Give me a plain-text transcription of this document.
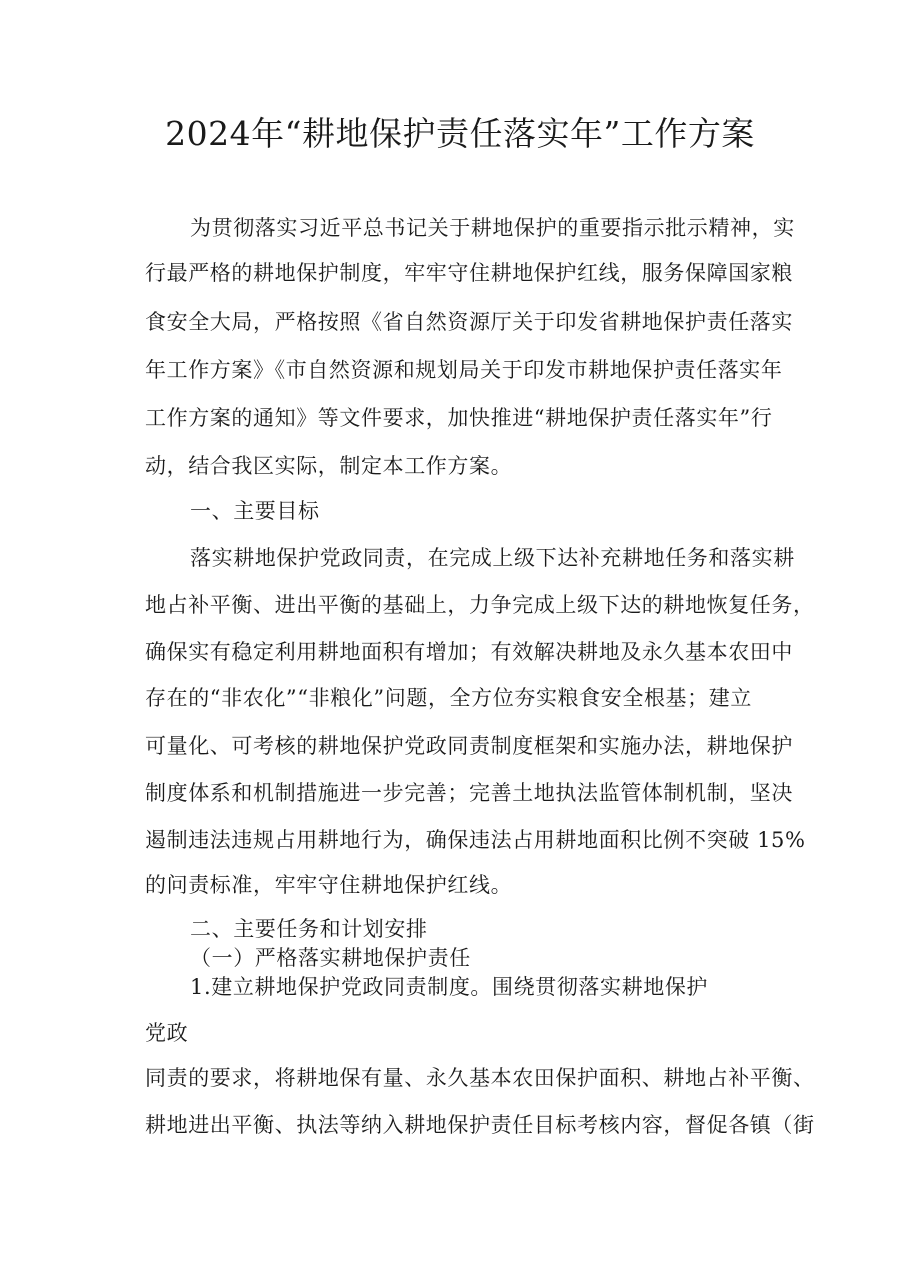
2024年“耕地保护责任落实年”工作方案
为贯彻落实习近平总书记关于耕地保护的重要指示批示精神，实
行最严格的耕地保护制度，牢牢守住耕地保护红线，服务保障国家粮
食安全大局，严格按照《省自然资源厅关于印发省耕地保护责任落实
年工作方案》《市自然资源和规划局关于印发市耕地保护责任落实年
工作方案的通知》等文件要求，加快推进“耕地保护责任落实年”行
动，结合我区实际，制定本工作方案。
一、主要目标
落实耕地保护党政同责，在完成上级下达补充耕地任务和落实耕
地占补平衡、进出平衡的基础上，力争完成上级下达的耕地恢复任务，
确保实有稳定利用耕地面积有增加；有效解决耕地及永久基本农田中
存在的“非农化”“非粮化”问题，全方位夯实粮食安全根基；建立
可量化、可考核的耕地保护党政同责制度框架和实施办法，耕地保护
制度体系和机制措施进一步完善；完善土地执法监管体制机制，坚决
遏制违法违规占用耕地行为，确保违法占用耕地面积比例不突破 15%
的问责标准，牢牢守住耕地保护红线。
二、主要任务和计划安排
（一）严格落实耕地保护责任
1.建立耕地保护党政同责制度。围绕贯彻落实耕地保护
党政
同责的要求，将耕地保有量、永久基本农田保护面积、耕地占补平衡、
耕地进出平衡、执法等纳入耕地保护责任目标考核内容，督促各镇（街
